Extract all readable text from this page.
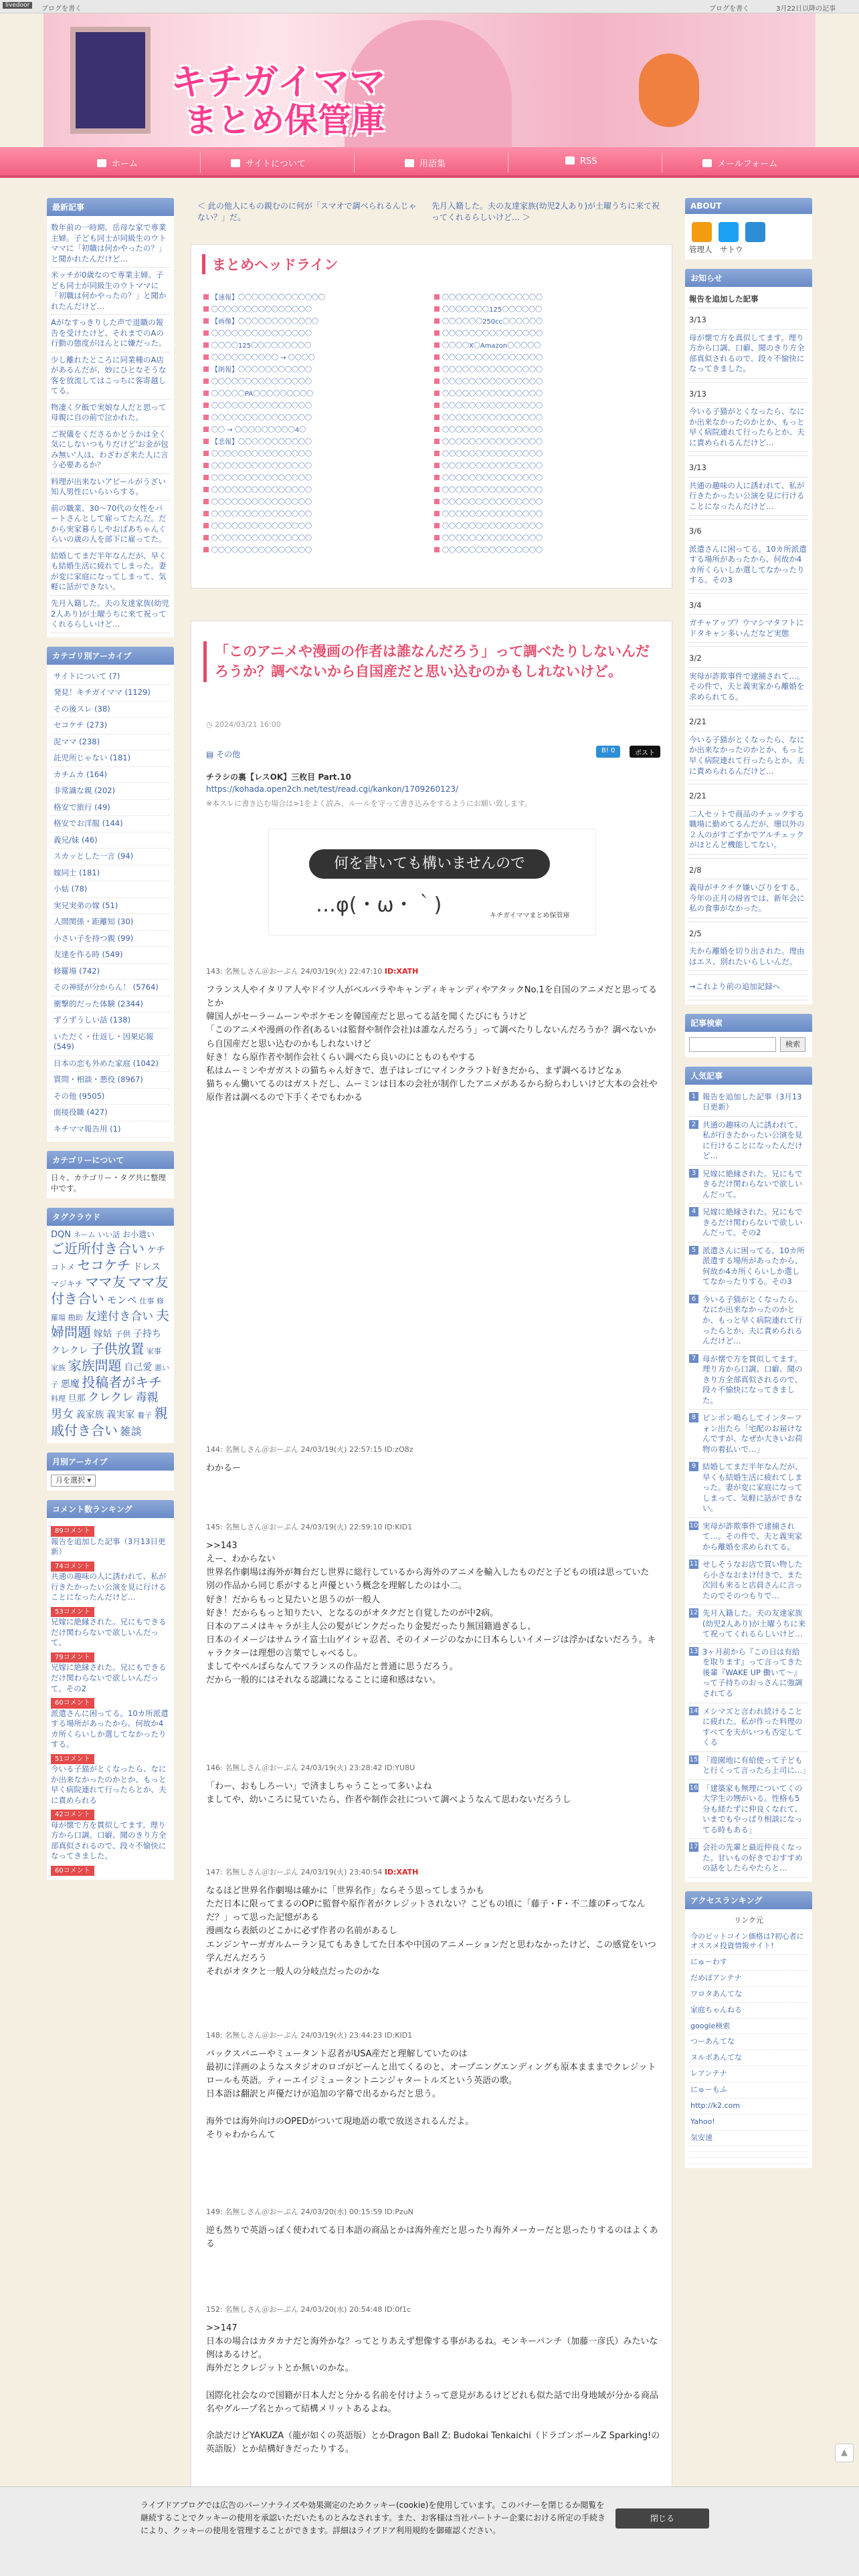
livedoor	ブログを書く	ブログを書く	3月22日以降の記事
キチガイママ
まとめ保管庫
ホーム	サイトについて	用語集	RSS	メールフォーム
最新記事
数年前の一時期、岳母な家で専業主婦。子ども同士が同級生のウトママに「初職は何かやったの？」と聞かれたんだけど…
米ッチが0歳なので専業主婦。子ども同士が同級生のウトママに「初職は何かやったの？」と聞かれたんだけど…
Aがなすっきりした声で退職の報告を受けたけど、それまでのAの行動の態度がほんとに嫌だった。
少し離れたところに同業種のA店があるんだが、妙にひとなそうな客を放流してはこっちに客寄越してる。
物凄く夕飯で実娘な人だと思って母親に自の前で泣かれた。
ご祝儀をくださるかどうかは全く気にしないつもりだけど'お金が包み無い'人は、わざわざ来た人に言う必要あるか？
料理が出来ないアピールがうざい知人男性にいらいらする。
前の職業、30〜70代の女性をパートさんとして雇ってたんだ。だから実家暮らしやおばあちゃんくらいの歳の人を部下に雇ってた。
結婚してまだ半年なんだが、早くも結婚生活に疲れてしまった。妻が変に家庭になってしまって、気軽に話ができない。
先月入籍した。夫の友達家族(幼児2人あり)が土曜うちに来て祝ってくれるらしいけど…
カテゴリ別アーカイブ
サイトについて (7)
発見！キチガイママ (1129)
その後スレ (38)
セコケチ (273)
泥ママ (238)
託児所じゃない (181)
カチムカ (164)
非常識な親 (202)
格安で旅行 (49)
格安でお洋服 (144)
義兄/妹 (46)
スカッとした一言 (94)
嫁同士 (181)
小姑 (78)
実兄実弟の嫁 (51)
人間関係・距離知 (30)
小さい子を持つ親 (99)
友達を作る時 (549)
修羅場 (742)
その神経が分からん！ (5764)
衝撃的だった体験 (2344)
ずうずうしい話 (138)
いただく・仕返し・因果応報 (549)
日本の恋も外めた家庭 (1042)
質問・相談・悪役 (8967)
その他 (9505)
面接役職 (427)
キチママ報告用 (1)
カテゴリーについて
日々、カテゴリー・タグ共に整理中です。
タグクラウド
DQN ネーム いい話 お小遣い ご近所付き合い ケチ コトメ セコケチ ドレス マジキチ ママ友 ママ友付き合い モンペ 仕事 修羅場 勘助 友達付き合い 夫婦問題 嫁姑 子供 子持ちクレクレ 子供放置 家事 家族 家族問題 自己愛 悪い子 悪魔 投稿者がキチ 料理 旦那 クレクレ 毒親 男女 義家族 義実家 養子 親戚付き合い 雑談
月別アーカイブ
月を選択 ▾
コメント数ランキング
89コメント
報告を追加した記事（3月13日更新）
74コメント
共通の趣味の人に誘われて、私が行きたかったい公演を見に行けることになったんだけど…
53コメント
兄嫁に絶縁された。兄にもできるだけ関わらないで欲しいんだって。
79コメント
兄嫁に絶縁された。兄にもできるだけ関わらないで欲しいんだって。その2
60コメント
派遣さんに困ってる。10カ所派遣する場所があったから、何故か4カ所くらいしか選してなかったりする。
51コメント
今いる子猫がとくなったら、なにか出来なかったのかとか、もっと早く病院連れて行ったらとか、夫に責められる
42コメント
母が懐で方を貫似してます。理り方から口調、口癖、聞のきり方全部真似されるので、段々不愉快になってきました。
60コメント
＜ 此の他人にもの親むのに何が「スマオで調べられるんじゃない？」だ。
先月入籍した。夫の友達家族(幼児2人あり)が土曜うちに来て祝ってくれるらしいけど… ＞
まとめヘッドライン
【速報】〇〇〇〇〇〇〇〇〇〇〇〇〇	〇〇〇〇〇〇〇〇〇〇〇〇〇〇〇
〇〇〇〇〇〇〇〇〇〇〇〇〇〇〇	〇〇〇〇〇〇〇125〇〇〇〇〇〇
【画像】〇〇〇〇〇〇〇〇〇〇〇〇	〇〇〇〇〇〇250cc〇〇〇〇〇〇
〇〇〇〇〇〇〇〇〇〇〇〇〇〇〇	〇〇〇〇〇〇〇〇〇〇〇〇〇〇〇
〇〇〇〇125〇〇〇〇〇〇〇〇〇	〇〇〇〇X〇Amazon〇〇〇〇〇
〇〇〇〇〇〇〇〇〇〇 → 〇〇〇〇	〇〇〇〇〇〇〇〇〇〇〇〇〇〇〇
【朗報】〇〇〇〇〇〇〇〇〇〇〇	〇〇〇〇〇〇〇〇〇〇〇〇〇〇〇
〇〇〇〇〇〇〇〇〇〇〇〇〇〇〇	〇〇〇〇〇〇〇〇〇〇〇〇〇〇〇
〇〇〇〇〇PA〇〇〇〇〇〇〇〇〇	〇〇〇〇〇〇〇〇〇〇〇〇〇〇〇
〇〇〇〇〇〇〇〇〇〇〇〇〇〇〇	〇〇〇〇〇〇〇〇〇〇〇〇〇〇〇
〇〇〇〇〇〇〇〇〇〇〇〇〇〇〇	〇〇〇〇〇〇〇〇〇〇〇〇〇〇〇
〇〇 → 〇〇〇〇〇〇〇〇〇4〇	〇〇〇〇〇〇〇〇〇〇〇〇〇〇〇
【悲報】〇〇〇〇〇〇〇〇〇〇〇	〇〇〇〇〇〇〇〇〇〇〇〇〇〇〇
〇〇〇〇〇〇〇〇〇〇〇〇〇〇〇	〇〇〇〇〇〇〇〇〇〇〇〇〇〇〇
〇〇〇〇〇〇〇〇〇〇〇〇〇〇〇	〇〇〇〇〇〇〇〇〇〇〇〇〇〇〇
〇〇〇〇〇〇〇〇〇〇〇〇〇〇〇	〇〇〇〇〇〇〇〇〇〇〇〇〇〇〇
〇〇〇〇〇〇〇〇〇〇〇〇〇〇〇	〇〇〇〇〇〇〇〇〇〇〇〇〇〇〇
〇〇〇〇〇〇〇〇〇〇〇〇〇〇〇	〇〇〇〇〇〇〇〇〇〇〇〇〇〇〇
〇〇〇〇〇〇〇〇〇〇〇〇〇〇〇	〇〇〇〇〇〇〇〇〇〇〇〇〇〇〇
〇〇〇〇〇〇〇〇〇〇〇〇〇〇〇	〇〇〇〇〇〇〇〇〇〇〇〇〇〇〇
〇〇〇〇〇〇〇〇〇〇〇〇〇〇〇	〇〇〇〇〇〇〇〇〇〇〇〇〇〇〇
〇〇〇〇〇〇〇〇〇〇〇〇〇〇〇	〇〇〇〇〇〇〇〇〇〇〇〇〇〇〇
「このアニメや漫画の作者は誰なんだろう」って調べたりしないんだろうか？調べないから自国産だと思い込むのかもしれないけど。
◷ 2024/03/21 16:00
▤ その他	B! 0	ポスト
チラシの裏【レスOK】三枚目 Part.10
https://kohada.open2ch.net/test/read.cgi/kankon/1709260123/
※本スレに書き込む場合は>1をよく読み、ルールを守って書き込みをするようにお願い致します。
何を書いても構いませんので
…φ(・ω・｀)	キチガイママまとめ保管庫
143: 名無しさん＠おーぷん 24/03/19(火) 22:47:10 ID:XATH
フランス人やイタリア人やドイツ人がベルバラやキャンディキャンディやアタックNo.1を自国のアニメだと思ってるとか
韓国人がセーラームーンやポケモンを韓国産だと思ってる話を聞くたびにもうけど
「このアニメや漫画の作者(あるいは監督や制作会社)は誰なんだろう」って調べたりしないんだろうか？調べないから自国産だと思い込むのかもしれないけど
好き！なら原作者や制作会社くらい調べたら良いのにとものもやする
私はムーミンやガガストの猫ちゃん好きで、恵子はレゴにマインクラフト好きだから、まず調べるけどなぁ
猫ちゃん働いてるのはガストだし、ムーミンは日本の会社が制作したアニメがあるから紛らわしいけど大本の会社や原作者は調べるので下手くそでもわかる
144: 名無しさん＠おーぷん 24/03/19(火) 22:57:15 ID:zO8z
わかるー
145: 名無しさん＠おーぷん 24/03/19(火) 22:59:10 ID:KID1
>>143
えー、わからない
世界名作劇場は海外が舞台だし世界に総行しているから海外のアニメを輸入したものだと子どもの頃は思っていた
別の作品から同じ系がすると声優という概念を理解したのは小二。
好き！だからもっと見たいと思うのが一般人
好き！だからもっと知りたい、となるのがオタクだと自覚したのが中2病。
日本のアニメはキャラが主人公の髪がピンクだったり金髪だったり無国籍過ぎるし、
日本のイメージはサムライ富士山ゲイシャ忍者、そのイメージのなかに日本らしいイメージは浮かばないだろう。キャラクターは理想の言葉でしゃべるし。
ましてやベルばらなんてフランスの作品だと普通に思うだろう。
だから一般的にはそれなる認識になることに違和感はない。
146: 名無しさん＠おーぷん 24/03/19(火) 23:28:42 ID:YU8U
「わー、おもしろーい」で済ましちゃうことって多いよね
ましてや、幼いころに見ていたら、作者や制作会社について調べようなんて思わないだろうし
147: 名無しさん＠おーぷん 24/03/19(火) 23:40:54 ID:XATH
なるほど世界名作劇場は確かに「世界名作」ならそう思ってしまうかも
ただ日本に限ってまるのOPに監督や原作者がクレジットされない？こどもの頃に「藤子・F・不二雄のFってなんだ？」って思った記憶がある
漫画なら表紙のどこかに必ず作者の名前があるし
エンジンヤーガガルムーラン見てもあきしてた日本や中国のアニメーションだと思わなかったけど、この感覚をいつ学んだんだろう
それがオタクと一般人の分岐点だったのかな
148: 名無しさん＠おーぷん 24/03/19(火) 23:44:23 ID:KID1
バックスバニーやミュータント忍者がUSA産だと理解していたのは
最初に洋画のようなスタジオのロゴがどーんと出てくるのと、オープニングエンディングも原本まままでクレジットロールも英語。ティーエイジミュータントニンジャタートルズという英語の歌。
日本語は翻訳と声優だけが追加の字幕で出るからだと思う。

海外では海外向けのOPEDがついて現地語の歌で放送されるんだよ。
そりゃわからんて
149: 名無しさん＠おーぷん 24/03/20(水) 00:15:59 ID:PzuN
逆も然りで英語っぽく使われてる日本語の商品とかは海外産だと思ったり海外メーカーだと思ったりするのはよくある
152: 名無しさん＠おーぷん 24/03/20(水) 20:54:48 ID:0f1c
>>147
日本の場合はカタカナだと海外かな？ってとりあえず想像する事があるね。モンキーパンチ（加藤一彦氏）みたいな例はあるけど。
海外だとクレジットとか無いのかな。

国際化社会なので国籍が日本人だと分かる名前を付けようって意見があるけどどれも似た話で出身地域が分かる商品名やグループ名とかって結構メリットあるよね。

余談だけどYAKUZA（龍が如くの英語版）とかDragon Ball Z: Budokai Tenkaichi（ドラゴンボールZ Sparking!の英語版）とか結構好きだったりする。
ABOUT
管理人　サトウ
お知らせ
報告を追加した記事
3/13
母が懐で方を真似してます。理り方から口調、口癖、聞のきり方全部真似されるので、段々不愉快になってきました。
3/13
今いる子猫がとくなったら、なにか出来なかったのかとか、もっと早く病院連れて行ったらとか、夫に責められるんだけど…
3/13
共通の趣味の人に誘われて、私が行きたかったい公演を見に行けることになったんだけど…
3/6
派遣さんに困ってる。10カ所派遣する場所があったから、何故か4カ所くらいしか選してなかったりする。その3
3/4
ガチャアップ？ウマシマタフトにドタキャン多いんだなど実態
3/2
実母が詐欺事件で逮捕されて…。その件で、夫と義実家から離婚を求められてる。
2/21
今いる子猫がとくなったら、なにか出来なかったのかとか、もっと早く病院連れて行ったらとか、夫に責められるんだけど…
2/21
二人セットで商品のチェックする職場に勤めてるんだが、珊以外の２人のがすごずかでアルチェックがほとんど機能してない。
2/8
義母がチクチク嫌いびりをする。今年の正月の帰省では、新年会に私の食事がなかった。
2/5
夫から離婚を切り出された。理由はエス、別れたいらしいんだ。
→これより前の追加記録へ
記事検索
検索
人気記事
1 報告を追加した記事（3月13日更新）
2 共通の趣味の人に誘われて、私が行きたかったい公演を見に行けることになったんだけど…
3 兄嫁に絶縁された。兄にもできるだけ関わらないで欲しいんだって。
4 兄嫁に絶縁された。兄にもできるだけ関わらないで欲しいんだって。その2
5 派遣さんに困ってる。10カ所派遣する場所があったから、何故か4カ所くらいしか選してなかったりする。その3
6 今いる子猫がとくなったら、なにか出来なかったのかとか、もっと早く病院連れて行ったらとか、夫に責められるんだけど…
7 母が懐で方を貫似してます。理り方から口調、口癖、聞のきり方全部真似されるので、段々不愉快になってきました。
8 ピンポン鳴らしてインターフォン出たら「宅配のお届けなんですが、なぜか大きいお荷物の着払いで…」
9 結婚してまだ半年なんだが、早くも結婚生活に疲れてしまった。妻が変に家庭になってしまって、気軽に話ができない。
10 実母が詐欺事件で逮捕されて…。その件で、夫と義実家から離婚を求められてる。
11 せしそうなお店で買い物したら小さなおまけ付きで、また次回も来ると店員さんに言ったのでそのつもりで…
12 先月入籍した。夫の友達家族(幼児2人あり)が土曜うちに来て祝ってくれるらしいけど…
13 3ヶ月前から『この日は有給を取ります』って言ってきた後輩『WAKE UP 働いて〜』って子持ちのおっさんに強調されてる
14 メシマズと言われ続けることに疲れた。私が作った料理のすべてを夫がいつも否定してくる
15 「遊園地に有給使って子どもと行くって言ったら上司に…」
16 「建築家も無理についてくの大学生の甥がいる。性格も5分も経たずに仲良くなれて、いまでもやっぱり相談になってる時もある」
17 会社の先輩と最近仲良くなった。甘いもの好きでおすすめの話をしたらやたらと…
アクセスランキング
リンク元
今のビットコイン価格は?初心者にオススメ投資情報サイト!
にゅーわす
だめぽアンテナ
ワロタあんてな
家庭ちゃんねる
google検索
つーあんてな
ヌルポあんてな
レアンテナ
にゅーもふ
http://k2.com
Yahoo!
気安速
▲
ライブドアブログでは広告のパーソナライズや効果測定のためクッキー(cookie)を使用しています。このバナーを閉じるか閲覧を継続することでクッキーの使用を承認いただいたものとみなされます。また、お客様は当社パートナー企業における所定の手続きにより、クッキーの使用を管理することができます。詳細はライブドア利用規約を御確認ください。
閉じる
